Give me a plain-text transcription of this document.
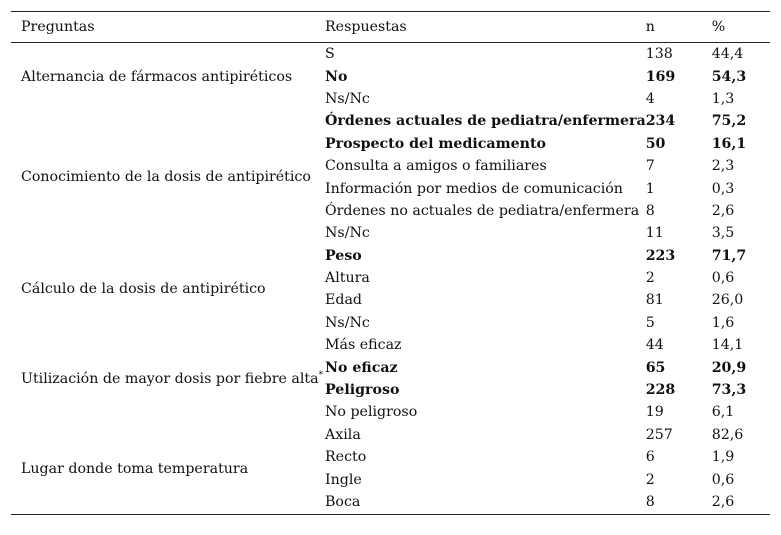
Preguntas	Respuestas	n	%
Alternancia de fármacos antipiréticos	S	138	44,4
	No	169	54,3
	Ns/Nc	4	1,3
Conocimiento de la dosis de antipirético	Órdenes actuales de pediatra/enfermera	234	75,2
	Prospecto del medicamento	50	16,1
	Consulta a amigos o familiares	7	2,3
	Información por medios de comunicación	1	0,3
	Órdenes no actuales de pediatra/enfermera	8	2,6
	Ns/Nc	11	3,5
Cálculo de la dosis de antipirético	Peso	223	71,7
	Altura	2	0,6
	Edad	81	26,0
	Ns/Nc	5	1,6
Utilización de mayor dosis por fiebre alta*	Más eficaz	44	14,1
	No eficaz	65	20,9
	Peligroso	228	73,3
	No peligroso	19	6,1
Lugar donde toma temperatura	Axila	257	82,6
	Recto	6	1,9
	Ingle	2	0,6
	Boca	8	2,6
